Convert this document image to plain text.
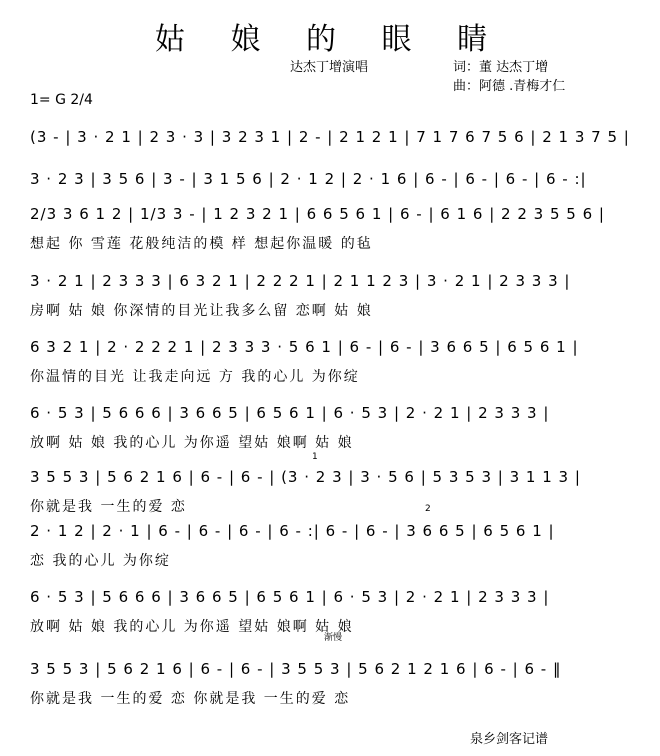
姑 娘 的 眼 睛
达杰丁增演唱	词：董 达杰丁增
曲：阿德 .青梅才仁
1= G 2/4
1
2
渐慢
(3 - | 3 · 2 1 | 2 3 · 3 | 3 2 3 1 | 2 - | 2 1 2 1 | 7 1 7 6 7 5 6 | 2 1 3 7 5 |
3 · 2 3 | 3 5 6 | 3 - | 3 1 5 6 | 2 · 1 2 | 2 · 1 6 | 6 - | 6 - | 6 - | 6 - :|
2/3 3 6 1 2 | 1/3 3 - | 1 2 3 2 1 | 6 6 5 6 1 | 6 - | 6 1 6 | 2 2 3 5 5 6 |
想起 你 雪莲 花般纯洁的模 样 想起你温暖 的毡
3 · 2 1 | 2 3 3 3 | 6 3 2 1 | 2 2 2 1 | 2 1 1 2 3 | 3 · 2 1 | 2 3 3 3 |
房啊 姑 娘 你深情的目光让我多么留 恋啊 姑 娘
6 3 2 1 | 2 · 2 2 2 1 | 2 3 3 3 · 5 6 1 | 6 - | 6 - | 3 6 6 5 | 6 5 6 1 |
你温情的目光 让我走向远 方 我的心儿 为你绽
6 · 5 3 | 5 6 6 6 | 3 6 6 5 | 6 5 6 1 | 6 · 5 3 | 2 · 2 1 | 2 3 3 3 |
放啊 姑 娘 我的心儿 为你遥 望姑 娘啊 姑 娘
3 5 5 3 | 5 6 2 1 6 | 6 - | 6 - | (3 · 2 3 | 3 · 5 6 | 5 3 5 3 | 3 1 1 3 |
你就是我 一生的爱 恋
2 · 1 2 | 2 · 1 | 6 - | 6 - | 6 - | 6 - :| 6 - | 6 - | 3 6 6 5 | 6 5 6 1 |
恋 我的心儿 为你绽
6 · 5 3 | 5 6 6 6 | 3 6 6 5 | 6 5 6 1 | 6 · 5 3 | 2 · 2 1 | 2 3 3 3 |
放啊 姑 娘 我的心儿 为你遥 望姑 娘啊 姑 娘
3 5 5 3 | 5 6 2 1 6 | 6 - | 6 - | 3 5 5 3 | 5 6 2 1 2 1 6 | 6 - | 6 - ‖
你就是我 一生的爱 恋 你就是我 一生的爱 恋
泉乡剑客记谱
